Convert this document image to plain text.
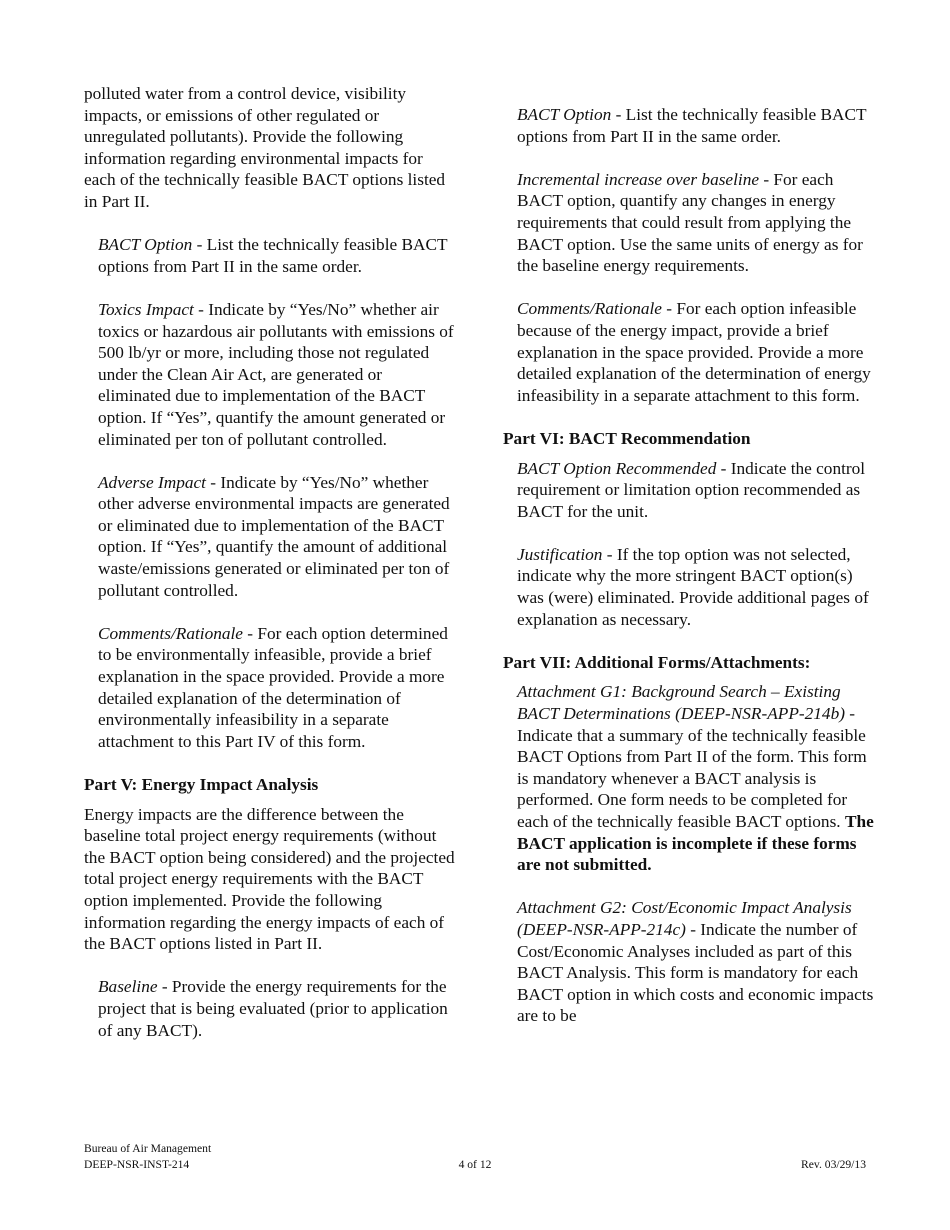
polluted water from a control device, visibility impacts, or emissions of other regulated or unregulated pollutants). Provide the following information regarding environmental impacts for each of the technically feasible BACT options listed in Part II.

BACT Option - List the technically feasible BACT options from Part II in the same order.

Toxics Impact - Indicate by “Yes/No” whether air toxics or hazardous air pollutants with emissions of 500 lb/yr or more, including those not regulated under the Clean Air Act, are generated or eliminated due to implementation of the BACT option. If “Yes”, quantify the amount generated or eliminated per ton of pollutant controlled.

Adverse Impact - Indicate by “Yes/No” whether other adverse environmental impacts are generated or eliminated due to implementation of the BACT option. If “Yes”, quantify the amount of additional waste/emissions generated or eliminated per ton of pollutant controlled.

Comments/Rationale - For each option determined to be environmentally infeasible, provide a brief explanation in the space provided. Provide a more detailed explanation of the determination of environmentally infeasibility in a separate attachment to this Part IV of this form.

Part V: Energy Impact Analysis

Energy impacts are the difference between the baseline total project energy requirements (without the BACT option being considered) and the projected total project energy requirements with the BACT option implemented. Provide the following information regarding the energy impacts of each of the BACT options listed in Part II.

Baseline - Provide the energy requirements for the project that is being evaluated (prior to application of any BACT).

BACT Option - List the technically feasible BACT options from Part II in the same order.

Incremental increase over baseline - For each BACT option, quantify any changes in energy requirements that could result from applying the BACT option. Use the same units of energy as for the baseline energy requirements.

Comments/Rationale - For each option infeasible because of the energy impact, provide a brief explanation in the space provided. Provide a more detailed explanation of the determination of energy infeasibility in a separate attachment to this form.

Part VI: BACT Recommendation

BACT Option Recommended - Indicate the control requirement or limitation option recommended as BACT for the unit.

Justification - If the top option was not selected, indicate why the more stringent BACT option(s) was (were) eliminated. Provide additional pages of explanation as necessary.

Part VII: Additional Forms/Attachments:

Attachment G1: Background Search – Existing BACT Determinations (DEEP-NSR-APP-214b) - Indicate that a summary of the technically feasible BACT Options from Part II of the form. This form is mandatory whenever a BACT analysis is performed. One form needs to be completed for each of the technically feasible BACT options. The BACT application is incomplete if these forms are not submitted.

Attachment G2: Cost/Economic Impact Analysis (DEEP-NSR-APP-214c) - Indicate the number of Cost/Economic Analyses included as part of this BACT Analysis. This form is mandatory for each BACT option in which costs and economic impacts are to be

Bureau of Air Management
DEEP-NSR-INST-214	4 of 12	Rev. 03/29/13
